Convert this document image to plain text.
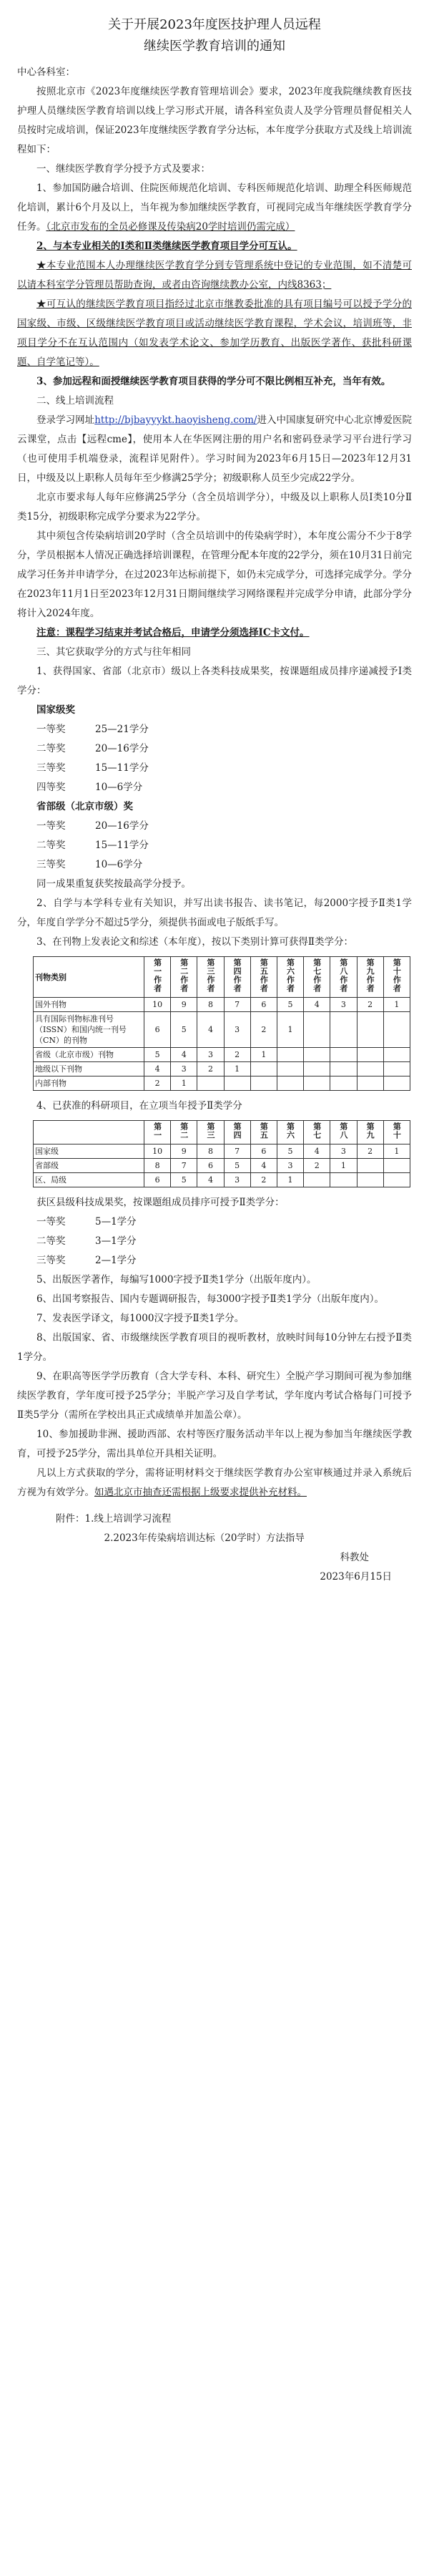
关于开展2023年度医技护理人员远程
继续医学教育培训的通知

中心各科室：

按照北京市《2023年度继续医学教育管理培训会》要求，2023年度我院继续教育医技护理人员继续医学教育培训以线上学习形式开展，请各科室负责人及学分管理员督促相关人员按时完成培训，保证2023年度继续医学教育学分达标，本年度学分获取方式及线上培训流程如下：

一、继续医学教育学分授予方式及要求：

1、参加国防融合培训、住院医师规范化培训、专科医师规范化培训、助理全科医师规范化培训，累计6个月及以上，当年视为参加继续医学教育，可视同完成当年继续医学教育学分任务。（北京市发布的全员必修课及传染病20学时培训仍需完成）

2、与本专业相关的Ⅰ类和Ⅱ类继续医学教育项目学分可互认。

★本专业范围本人办理继续医学教育学分到专管理系统中登记的专业范围，如不清楚可以请本科室学分管理员帮助查询，或者由咨询继续教办公室，内线8363；

★可互认的继续医学教育项目指经过北京市继教委批准的具有项目编号可以授予学分的国家级、市级、区级继续医学教育项目或活动继续医学教育课程，学术会议，培训班等，非项目学分不在互认范围内（如发表学术论文、参加学历教育、出版医学著作、获批科研课题、自学笔记等）。

3、参加远程和面授继续医学教育项目获得的学分可不限比例相互补充，当年有效。

二、线上培训流程

登录学习网址http://bjbayyykt.haoyisheng.com/进入中国康复研究中心北京博爱医院云课堂，点击【远程cme】，使用本人在华医网注册的用户名和密码登录学习平台进行学习（也可使用手机端登录，流程详见附件）。学习时间为2023年6月15日—2023年12月31日，中级及以上职称人员每年至少修满25学分；初级职称人员至少完成22学分。

北京市要求每人每年应修满25学分（含全员培训学分），中级及以上职称人员Ⅰ类10分Ⅱ类15分，初级职称完成学分要求为22学分。

其中须包含传染病培训20学时（含全员培训中的传染病学时），本年度公需分不少于8学分，学员根据本人情况正确选择培训课程，在管理分配本年度的22学分，须在10月31日前完成学习任务并申请学分，在过2023年达标前提下，如仍未完成学分，可选择完成学分。学分在2023年11月1日至2023年12月31日期间继续学习网络课程并完成学分申请，此部分学分将计入2024年度。

注意：课程学习结束并考试合格后，申请学分须选择IC卡文付。

三、其它获取学分的方式与往年相同

1、获得国家、省部（北京市）级以上各类科技成果奖，按课题组成员排序递减授予Ⅰ类学分：

国家级奖

一等奖	25—21学分
二等奖	20—16学分
三等奖	15—11学分
四等奖	10—6学分

省部级（北京市级）奖

一等奖	20—16学分
二等奖	15—11学分
三等奖	10—6学分

同一成果重复获奖按最高学分授予。

2、自学与本学科专业有关知识，并写出读书报告、读书笔记，每2000字授予Ⅱ类1学分，年度自学学分不超过5学分，须提供书面或电子版纸手写。

3、在刊物上发表论文和综述（本年度），按以下类别计算可获得Ⅱ类学分：

刊物类别	第一作者	第二作者	第三作者	第四作者	第五作者	第六作者	第七作者	第八作者	第九作者	第十作者
国外刊物	10	9	8	7	6	5	4	3	2	1
具有国际刊物标准刊号（ISSN）和国内统一刊号（CN）的刊物	6	5	4	3	2	1				
省级（北京市级）刊物	5	4	3	2	1					
地级以下刊物	4	3	2	1						
内部刊物	2	1								

4、已获准的科研项目，在立项当年授予Ⅱ类学分

	第一	第二	第三	第四	第五	第六	第七	第八	第九	第十
国家级	10	9	8	7	6	5	4	3	2	1
省部级	8	7	6	5	4	3	2	1		
区、局级	6	5	4	3	2	1				

获区县级科技成果奖，按课题组成员排序可授予Ⅱ类学分：

一等奖	5—1学分
二等奖	3—1学分
三等奖	2—1学分

5、出版医学著作，每编写1000字授予Ⅱ类1学分（出版年度内）。

6、出国考察报告、国内专题调研报告，每3000字授予Ⅱ类1学分（出版年度内）。

7、发表医学译文，每1000汉字授予Ⅱ类1学分。

8、出版国家、省、市级继续医学教育项目的视听教材，放映时间每10分钟左右授予Ⅱ类1学分。

9、在职高等医学学历教育（含大学专科、本科、研究生）全脱产学习期间可视为参加继续医学教育，学年度可授予25学分；半脱产学习及自学考试，学年度内考试合格每门可授予Ⅱ类5学分（需所在学校出具正式成绩单并加盖公章）。

10、参加援助非洲、援助西部、农村等医疗服务活动半年以上视为参加当年继续医学教育，可授予25学分，需出具单位开具相关证明。

凡以上方式获取的学分，需将证明材料交于继续医学教育办公室审核通过并录入系统后方视为有效学分。如遇北京市抽查还需根据上级要求提供补充材料。

附件：1.线上培训学习流程

2.2023年传染病培训达标（20学时）方法指导

科教处

2023年6月15日
